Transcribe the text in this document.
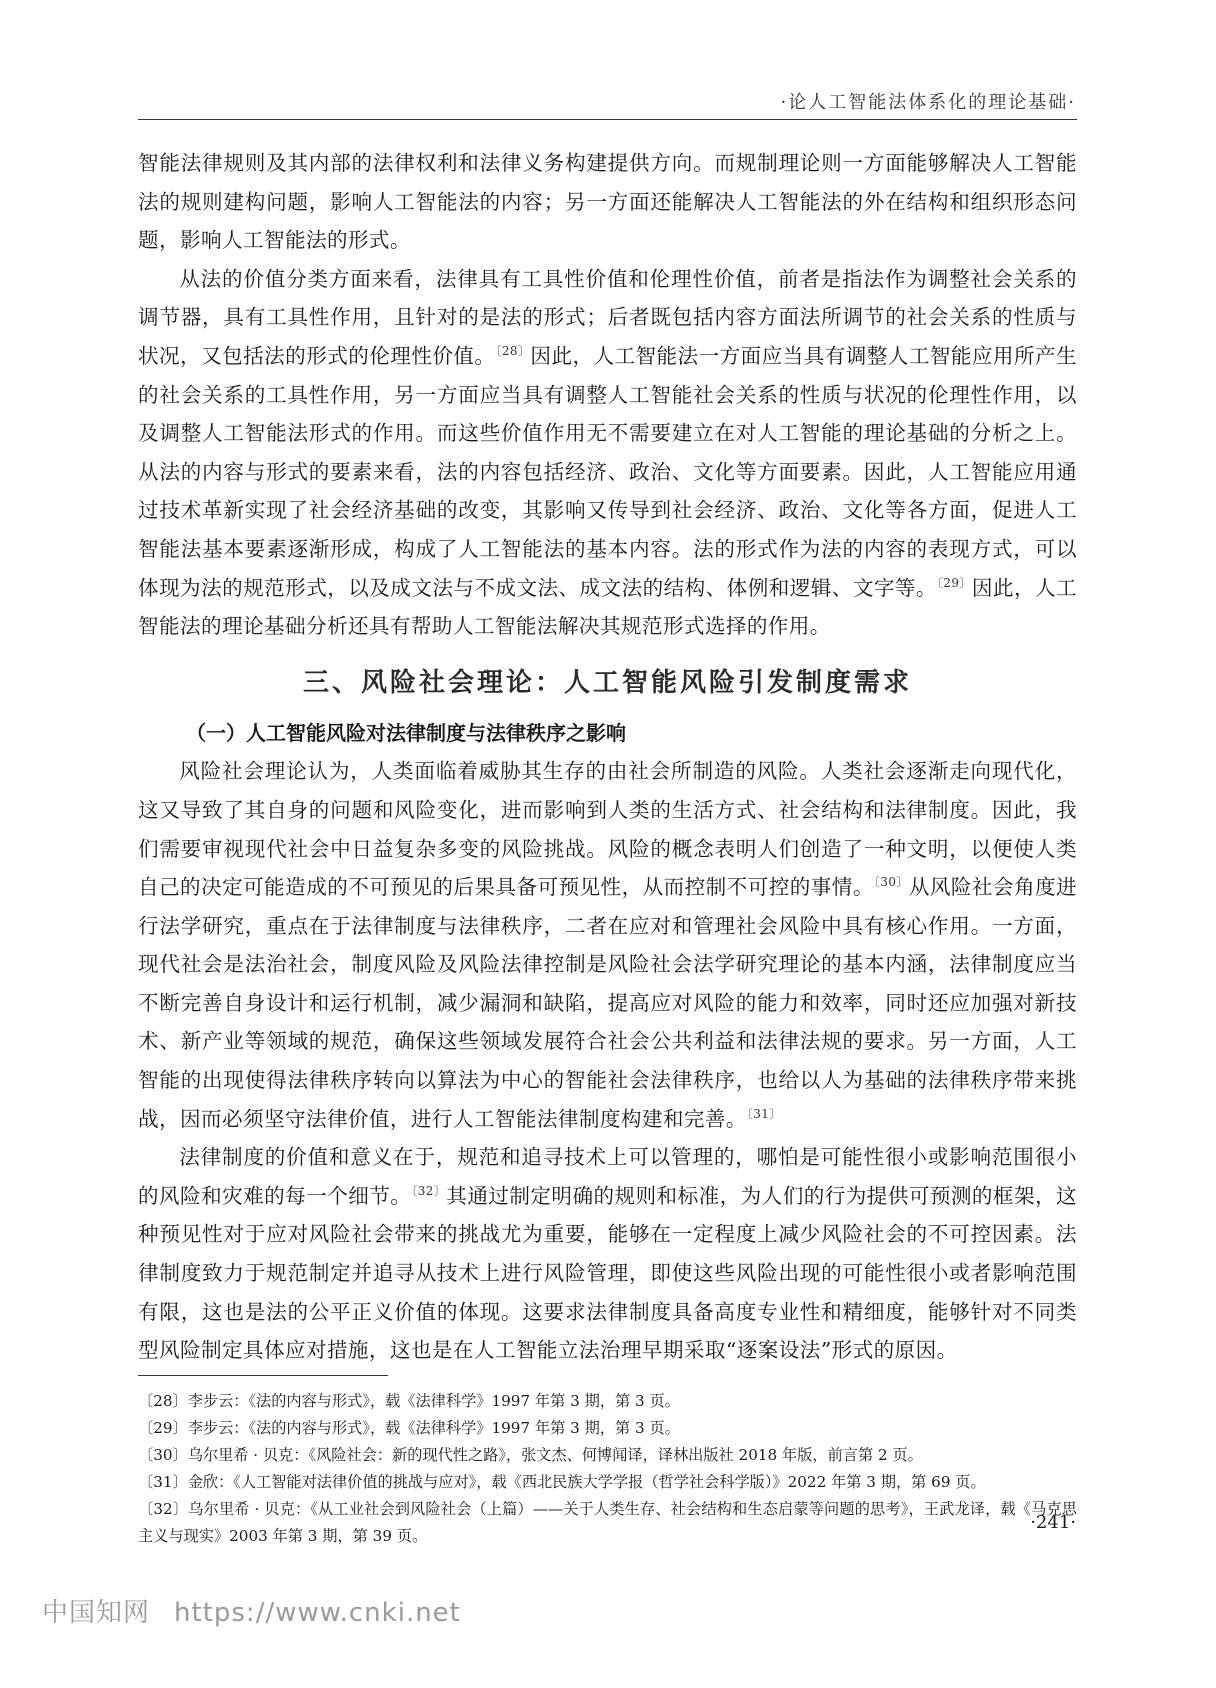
·论人工智能法体系化的理论基础·

智能法律规则及其内部的法律权利和法律义务构建提供方向。而规制理论则一方面能够解决人工智能法的规则建构问题，影响人工智能法的内容；另一方面还能解决人工智能法的外在结构和组织形态问题，影响人工智能法的形式。

从法的价值分类方面来看，法律具有工具性价值和伦理性价值，前者是指法作为调整社会关系的调节器，具有工具性作用，且针对的是法的形式；后者既包括内容方面法所调节的社会关系的性质与状况，又包括法的形式的伦理性价值。$^{〔28〕}$因此，人工智能法一方面应当具有调整人工智能应用所产生的社会关系的工具性作用，另一方面应当具有调整人工智能社会关系的性质与状况的伦理性作用，以及调整人工智能法形式的作用。而这些价值作用无不需要建立在对人工智能的理论基础的分析之上。从法的内容与形式的要素来看，法的内容包括经济、政治、文化等方面要素。因此，人工智能应用通过技术革新实现了社会经济基础的改变，其影响又传导到社会经济、政治、文化等各方面，促进人工智能法基本要素逐渐形成，构成了人工智能法的基本内容。法的形式作为法的内容的表现方式，可以体现为法的规范形式，以及成文法与不成文法、成文法的结构、体例和逻辑、文字等。$^{〔29〕}$因此，人工智能法的理论基础分析还具有帮助人工智能法解决其规范形式选择的作用。

三、风险社会理论：人工智能风险引发制度需求
（一）人工智能风险对法律制度与法律秩序之影响

风险社会理论认为，人类面临着威胁其生存的由社会所制造的风险。人类社会逐渐走向现代化，这又导致了其自身的问题和风险变化，进而影响到人类的生活方式、社会结构和法律制度。因此，我们需要审视现代社会中日益复杂多变的风险挑战。风险的概念表明人们创造了一种文明，以便使人类自己的决定可能造成的不可预见的后果具备可预见性，从而控制不可控的事情。$^{〔30〕}$从风险社会角度进行法学研究，重点在于法律制度与法律秩序，二者在应对和管理社会风险中具有核心作用。一方面，现代社会是法治社会，制度风险及风险法律控制是风险社会法学研究理论的基本内涵，法律制度应当不断完善自身设计和运行机制，减少漏洞和缺陷，提高应对风险的能力和效率，同时还应加强对新技术、新产业等领域的规范，确保这些领域发展符合社会公共利益和法律法规的要求。另一方面，人工智能的出现使得法律秩序转向以算法为中心的智能社会法律秩序，也给以人为基础的法律秩序带来挑战，因而必须坚守法律价值，进行人工智能法律制度构建和完善。$^{〔31〕}$

法律制度的价值和意义在于，规范和追寻技术上可以管理的，哪怕是可能性很小或影响范围很小的风险和灾难的每一个细节。$^{〔32〕}$其通过制定明确的规则和标准，为人们的行为提供可预测的框架，这种预见性对于应对风险社会带来的挑战尤为重要，能够在一定程度上减少风险社会的不可控因素。法律制度致力于规范制定并追寻从技术上进行风险管理，即使这些风险出现的可能性很小或者影响范围有限，这也是法的公平正义价值的体现。这要求法律制度具备高度专业性和精细度，能够针对不同类型风险制定具体应对措施，这也是在人工智能立法治理早期采取“逐案设法”形式的原因。

〔28〕李步云：《法的内容与形式》，载《法律科学》1997 年第 3 期，第 3 页。

〔29〕李步云：《法的内容与形式》，载《法律科学》1997 年第 3 期，第 3 页。

〔30〕乌尔里希 · 贝克：《风险社会：新的现代性之路》，张文杰、何博闻译，译林出版社 2018 年版，前言第 2 页。

〔31〕金欣：《人工智能对法律价值的挑战与应对》，载《西北民族大学学报（哲学社会科学版）》2022 年第 3 期，第 69 页。

〔32〕乌尔里希 · 贝克：《从工业社会到风险社会（上篇）——关于人类生存、社会结构和生态启蒙等问题的思考》，王武龙译，载《马克思主义与现实》2003 年第 3 期，第 39 页。

·241·
中国知网 https://www.cnki.net
